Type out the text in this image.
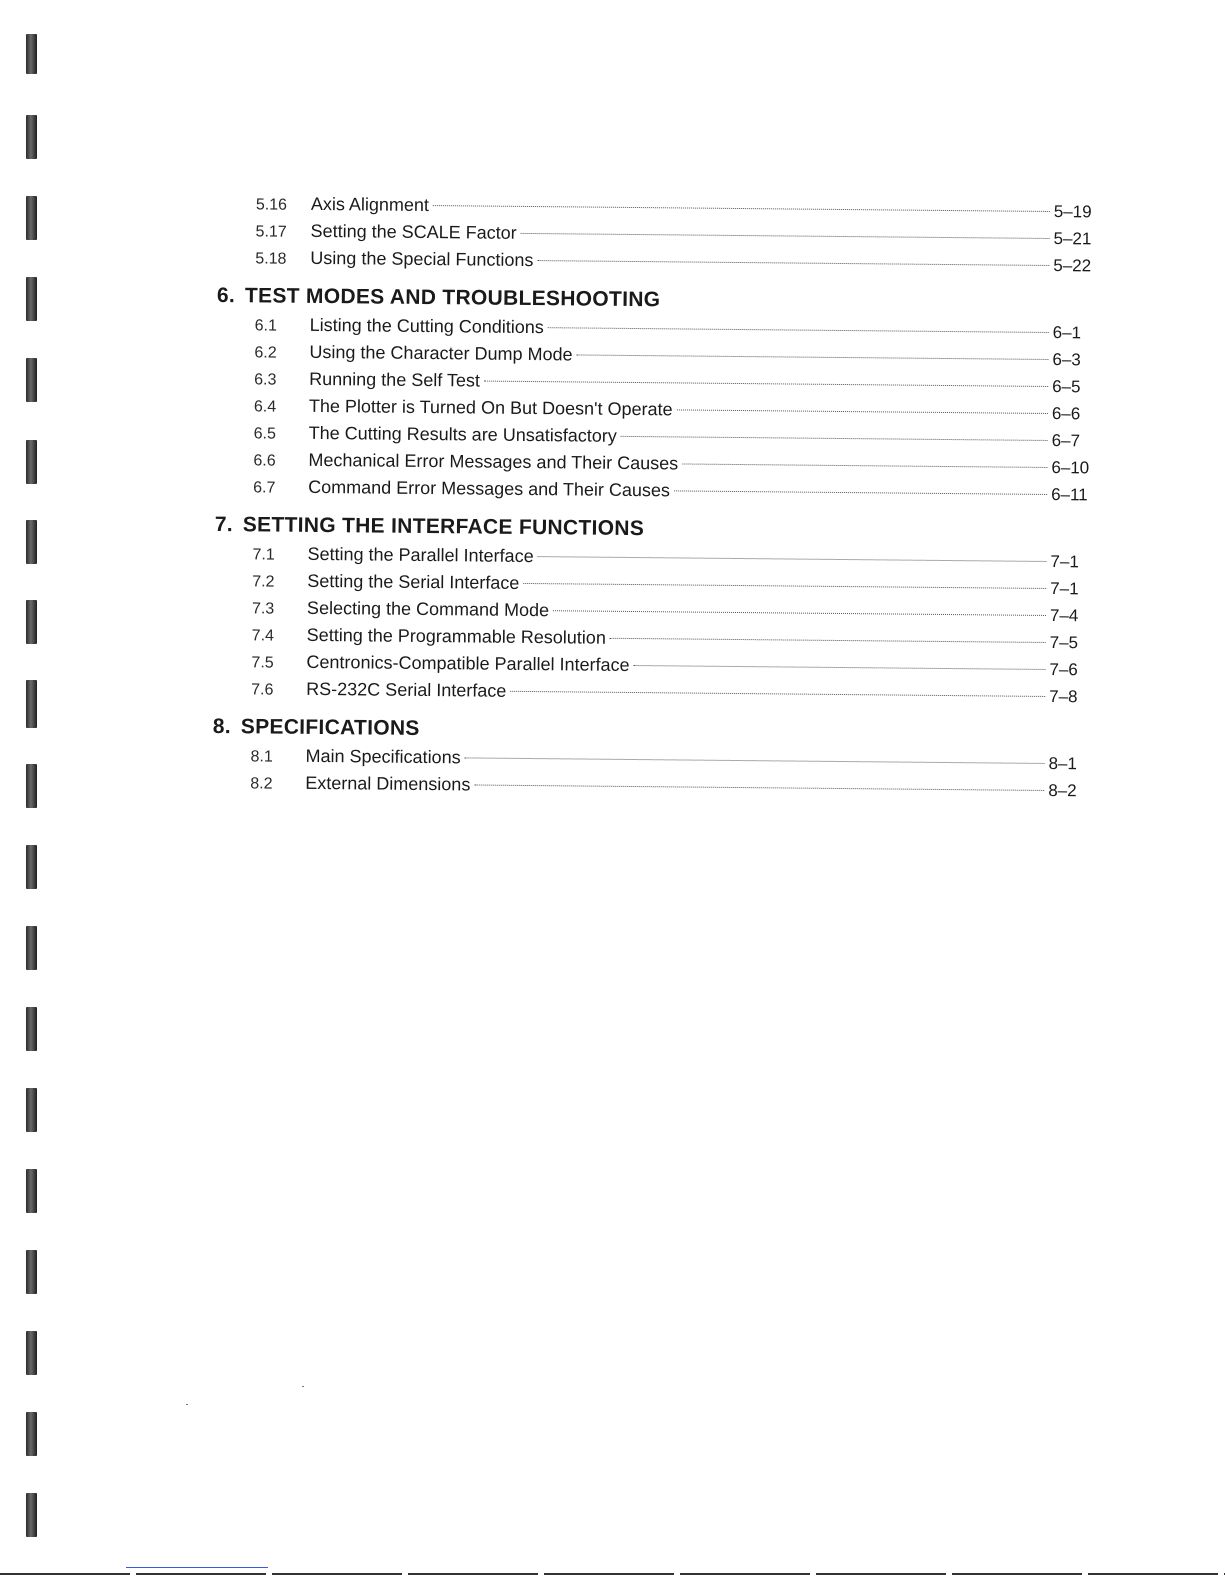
5.16	Axis Alignment	5–19
5.17	Setting the SCALE Factor	5–21
5.18	Using the Special Functions	5–22
6. TEST MODES AND TROUBLESHOOTING
6.1	Listing the Cutting Conditions	6–1
6.2	Using the Character Dump Mode	6–3
6.3	Running the Self Test	6–5
6.4	The Plotter is Turned On But Doesn't Operate	6–6
6.5	The Cutting Results are Unsatisfactory	6–7
6.6	Mechanical Error Messages and Their Causes	6–10
6.7	Command Error Messages and Their Causes	6–11
7. SETTING THE INTERFACE FUNCTIONS
7.1	Setting the Parallel Interface	7–1
7.2	Setting the Serial Interface	7–1
7.3	Selecting the Command Mode	7–4
7.4	Setting the Programmable Resolution	7–5
7.5	Centronics-Compatible Parallel Interface	7–6
7.6	RS-232C Serial Interface	7–8
8. SPECIFICATIONS
8.1	Main Specifications	8–1
8.2	External Dimensions	8–2
